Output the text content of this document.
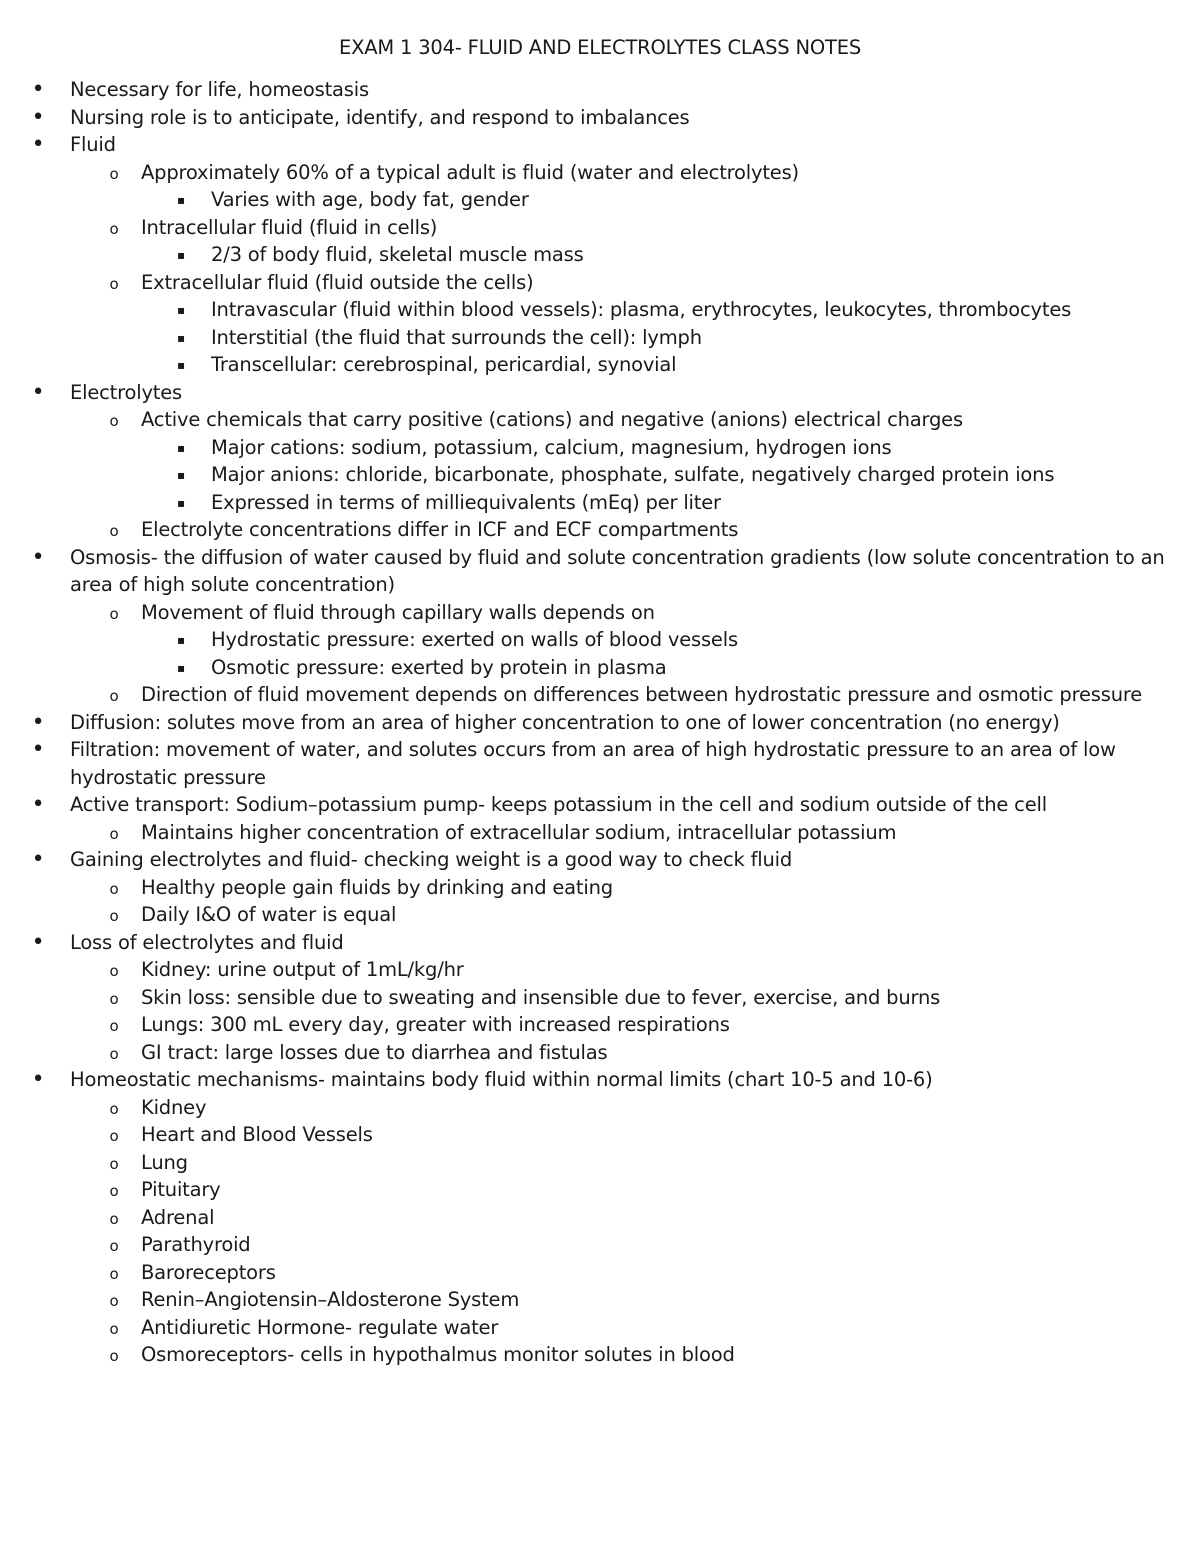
EXAM 1 304- FLUID AND ELECTROLYTES CLASS NOTES
• Necessary for life, homeostasis
• Nursing role is to anticipate, identify, and respond to imbalances
• Fluid
o Approximately 60% of a typical adult is fluid (water and electrolytes)
▪ Varies with age, body fat, gender
o Intracellular fluid (fluid in cells)
▪ 2/3 of body fluid, skeletal muscle mass
o Extracellular fluid (fluid outside the cells)
▪ Intravascular (fluid within blood vessels): plasma, erythrocytes, leukocytes, thrombocytes
▪ Interstitial (the fluid that surrounds the cell): lymph
▪ Transcellular: cerebrospinal, pericardial, synovial
• Electrolytes
o Active chemicals that carry positive (cations) and negative (anions) electrical charges
▪ Major cations: sodium, potassium, calcium, magnesium, hydrogen ions
▪ Major anions: chloride, bicarbonate, phosphate, sulfate, negatively charged protein ions
▪ Expressed in terms of milliequivalents (mEq) per liter
o Electrolyte concentrations differ in ICF and ECF compartments
• Osmosis- the diffusion of water caused by fluid and solute concentration gradients (low solute concentration to an area of high solute concentration)
o Movement of fluid through capillary walls depends on
▪ Hydrostatic pressure: exerted on walls of blood vessels
▪ Osmotic pressure: exerted by protein in plasma
o Direction of fluid movement depends on differences between hydrostatic pressure and osmotic pressure
• Diffusion: solutes move from an area of higher concentration to one of lower concentration (no energy)
• Filtration: movement of water, and solutes occurs from an area of high hydrostatic pressure to an area of low hydrostatic pressure
• Active transport: Sodium–potassium pump- keeps potassium in the cell and sodium outside of the cell
o Maintains higher concentration of extracellular sodium, intracellular potassium
• Gaining electrolytes and fluid- checking weight is a good way to check fluid
o Healthy people gain fluids by drinking and eating
o Daily I&O of water is equal
• Loss of electrolytes and fluid
o Kidney: urine output of 1mL/kg/hr
o Skin loss: sensible due to sweating and insensible due to fever, exercise, and burns
o Lungs: 300 mL every day, greater with increased respirations
o GI tract: large losses due to diarrhea and fistulas
• Homeostatic mechanisms- maintains body fluid within normal limits (chart 10-5 and 10-6)
o Kidney
o Heart and Blood Vessels
o Lung
o Pituitary
o Adrenal
o Parathyroid
o Baroreceptors
o Renin–Angiotensin–Aldosterone System
o Antidiuretic Hormone- regulate water
o Osmoreceptors- cells in hypothalmus monitor solutes in blood
